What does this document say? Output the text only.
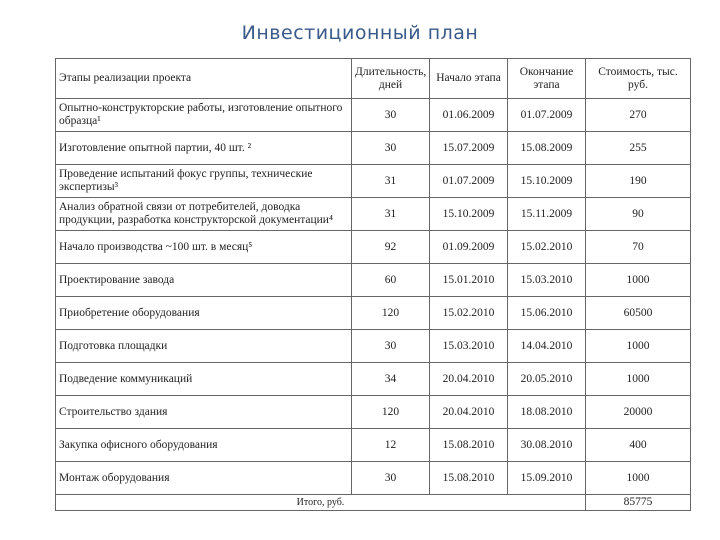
Инвестиционный план
Этапы реализации проекта	Длительность, дней	Начало этапа	Окончание этапа	Стоимость, тыс. руб.
Опытно-конструкторские работы, изготовление опытного образца¹	30	01.06.2009	01.07.2009	270
Изготовление опытной партии, 40 шт. ²	30	15.07.2009	15.08.2009	255
Проведение испытаний фокус группы, технические экспертизы³	31	01.07.2009	15.10.2009	190
Анализ обратной связи от потребителей, доводка продукции, разработка конструкторской документации⁴	31	15.10.2009	15.11.2009	90
Начало производства ~100 шт. в месяц⁵	92	01.09.2009	15.02.2010	70
Проектирование завода	60	15.01.2010	15.03.2010	1000
Приобретение оборудования	120	15.02.2010	15.06.2010	60500
Подготовка площадки	30	15.03.2010	14.04.2010	1000
Подведение коммуникаций	34	20.04.2010	20.05.2010	1000
Строительство здания	120	20.04.2010	18.08.2010	20000
Закупка офисного оборудования	12	15.08.2010	30.08.2010	400
Монтаж оборудования	30	15.08.2010	15.09.2010	1000
Итого, руб.				85775
